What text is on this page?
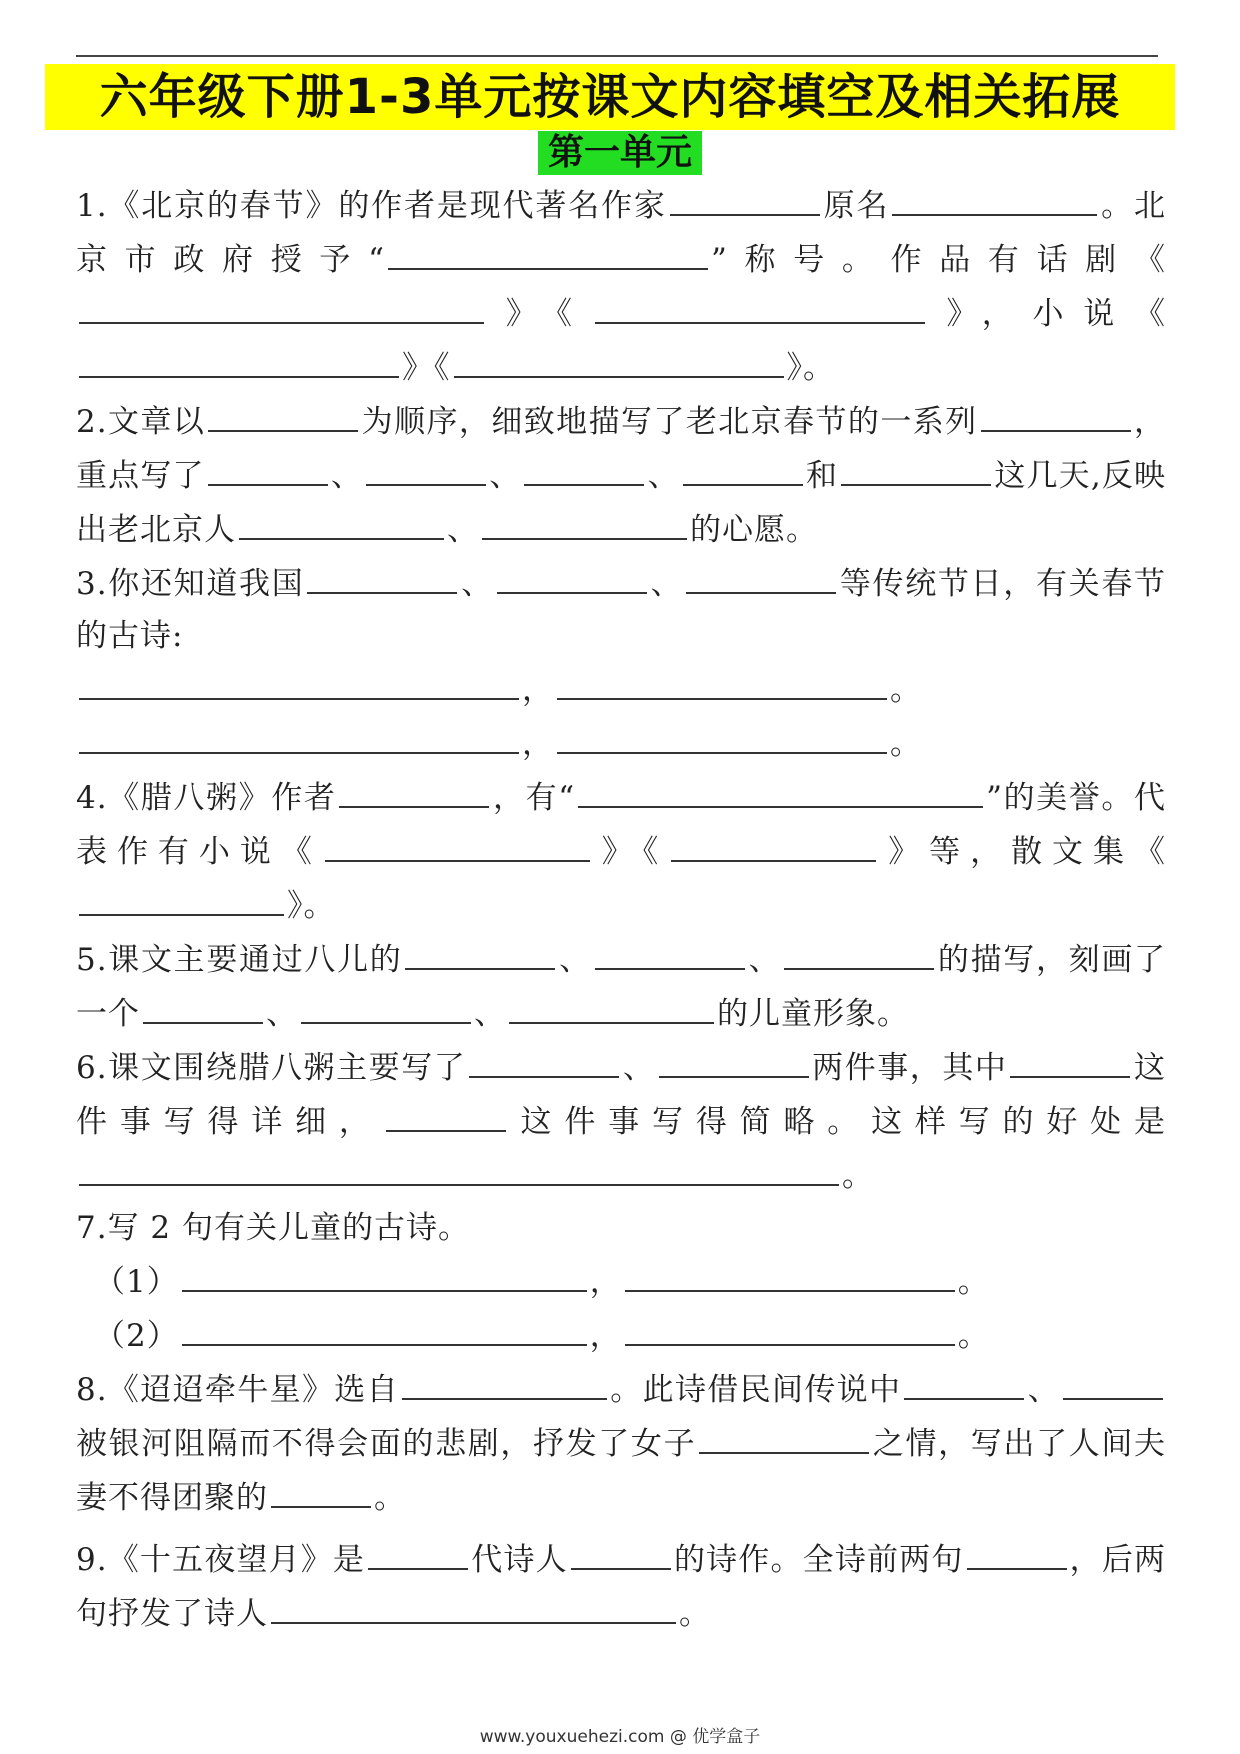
六年级下册1-3单元按课文内容填空及相关拓展
第一单元

1.《北京的春节》的作者是现代著名作家	原名	。北京市政府授予“	”称号。作品有话剧《》《	》，小说《》《	》。

2.文章以	为顺序，细致地描写了老北京春节的一系列	，重点写了	、	、	、	和	这几天,反映出老北京人	、	的心愿。

3.你还知道我国	、	、	等传统节日，有关春节的古诗:

，	。

，	。

4.《腊八粥》作者	，有“	”的美誉。代表作有小说《	》《	》等，散文集《》。

5.课文主要通过八儿的	、	、	的描写，刻画了一个	、	、	的儿童形象。

6.课文围绕腊八粥主要写了	、	两件事，其中	这件事写得详细，	这件事写得简略。这样写的好处是。

7.写 2 句有关儿童的古诗。

（1）	，	。

（2）	，	。

8.《迢迢牵牛星》选自	。此诗借民间传说中	、被银河阻隔而不得会面的悲剧，抒发了女子	之情，写出了人间夫妻不得团聚的	。

9.《十五夜望月》是	代诗人	的诗作。全诗前两句	，后两句抒发了诗人	。

www.youxuehezi.com @ 优学盒子
